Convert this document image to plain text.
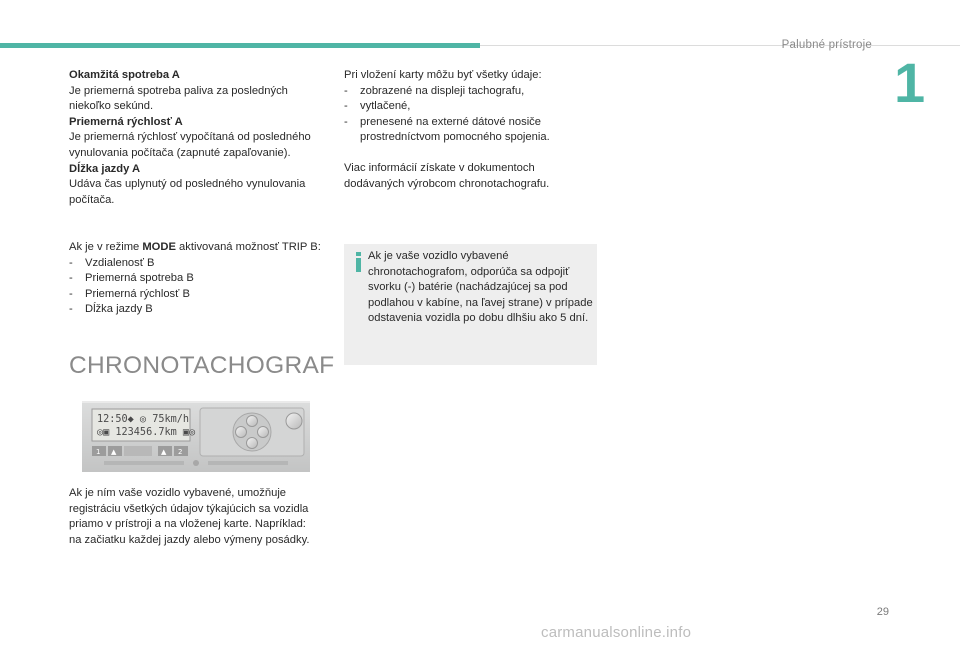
Palubné prístroje
1

Okamžitá spotreba A

Je priemerná spotreba paliva za posledných niekoľko sekúnd.

Priemerná rýchlosť A

Je priemerná rýchlosť vypočítaná od posledného vynulovania počítača (zapnuté zapaľovanie).

Dĺžka jazdy A

Udáva čas uplynutý od posledného vynulovania počítača.

Ak je v režime MODE aktivovaná možnosť TRIP B:

-	Vzdialenosť B
-	Priemerná spotreba B
-	Priemerná rýchlosť B
-	Dĺžka jazdy B
CHRONOTACHOGRAF
12:50◆ ◎ 75km/h
◎▣ 123456.7km ▣◎
1 ▲	▲ 2
Ak je ním vaše vozidlo vybavené, umožňuje registráciu všetkých údajov týkajúcich sa vozidla priamo v prístroji a na vloženej karte. Napríklad: na začiatku každej jazdy alebo výmeny posádky.

Pri vložení karty môžu byť všetky údaje:

-	zobrazené na displeji tachografu,
-	vytlačené,
-	prenesené na externé dátové nosiče prostredníctvom pomocného spojenia.
Viac informácií získate v dokumentoch dodávaných výrobcom chronotachografu.
Ak je vaše vozidlo vybavené chronotachografom, odporúča sa odpojiť svorku (-) batérie (nachádzajúcej sa pod podlahou v kabíne, na ľavej strane) v prípade odstavenia vozidla po dobu dlhšiu ako 5 dní.
29
carmanualsonline.info
